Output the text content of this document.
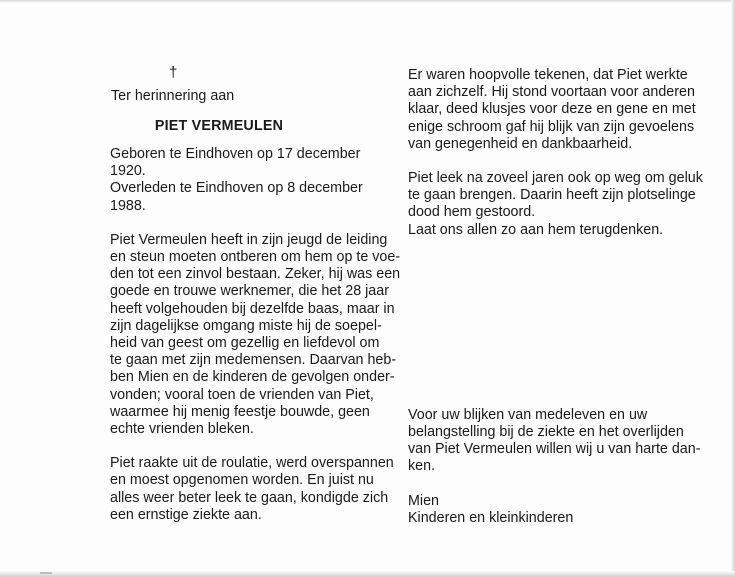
†
Ter herinnering aan
PIET VERMEULEN
Geboren te Eindhoven op 17 december
1920.
Overleden te Eindhoven op 8 december
1988.
Piet Vermeulen heeft in zijn jeugd de leiding
en steun moeten ontberen om hem op te voe-
den tot een zinvol bestaan. Zeker, hij was een
goede en trouwe werknemer, die het 28 jaar
heeft volgehouden bij dezelfde baas, maar in
zijn dagelijkse omgang miste hij de soepel-
heid van geest om gezellig en liefdevol om
te gaan met zijn medemensen. Daarvan heb-
ben Mien en de kinderen de gevolgen onder-
vonden; vooral toen de vrienden van Piet,
waarmee hij menig feestje bouwde, geen
echte vrienden bleken.
Piet raakte uit de roulatie, werd overspannen
en moest opgenomen worden. En juist nu
alles weer beter leek te gaan, kondigde zich
een ernstige ziekte aan.
Er waren hoopvolle tekenen, dat Piet werkte
aan zichzelf. Hij stond voortaan voor anderen
klaar, deed klusjes voor deze en gene en met
enige schroom gaf hij blijk van zijn gevoelens
van genegenheid en dankbaarheid.
Piet leek na zoveel jaren ook op weg om geluk
te gaan brengen. Daarin heeft zijn plotselinge
dood hem gestoord.
Laat ons allen zo aan hem terugdenken.
Voor uw blijken van medeleven en uw
belangstelling bij de ziekte en het overlijden
van Piet Vermeulen willen wij u van harte dan-
ken.
Mien
Kinderen en kleinkinderen
